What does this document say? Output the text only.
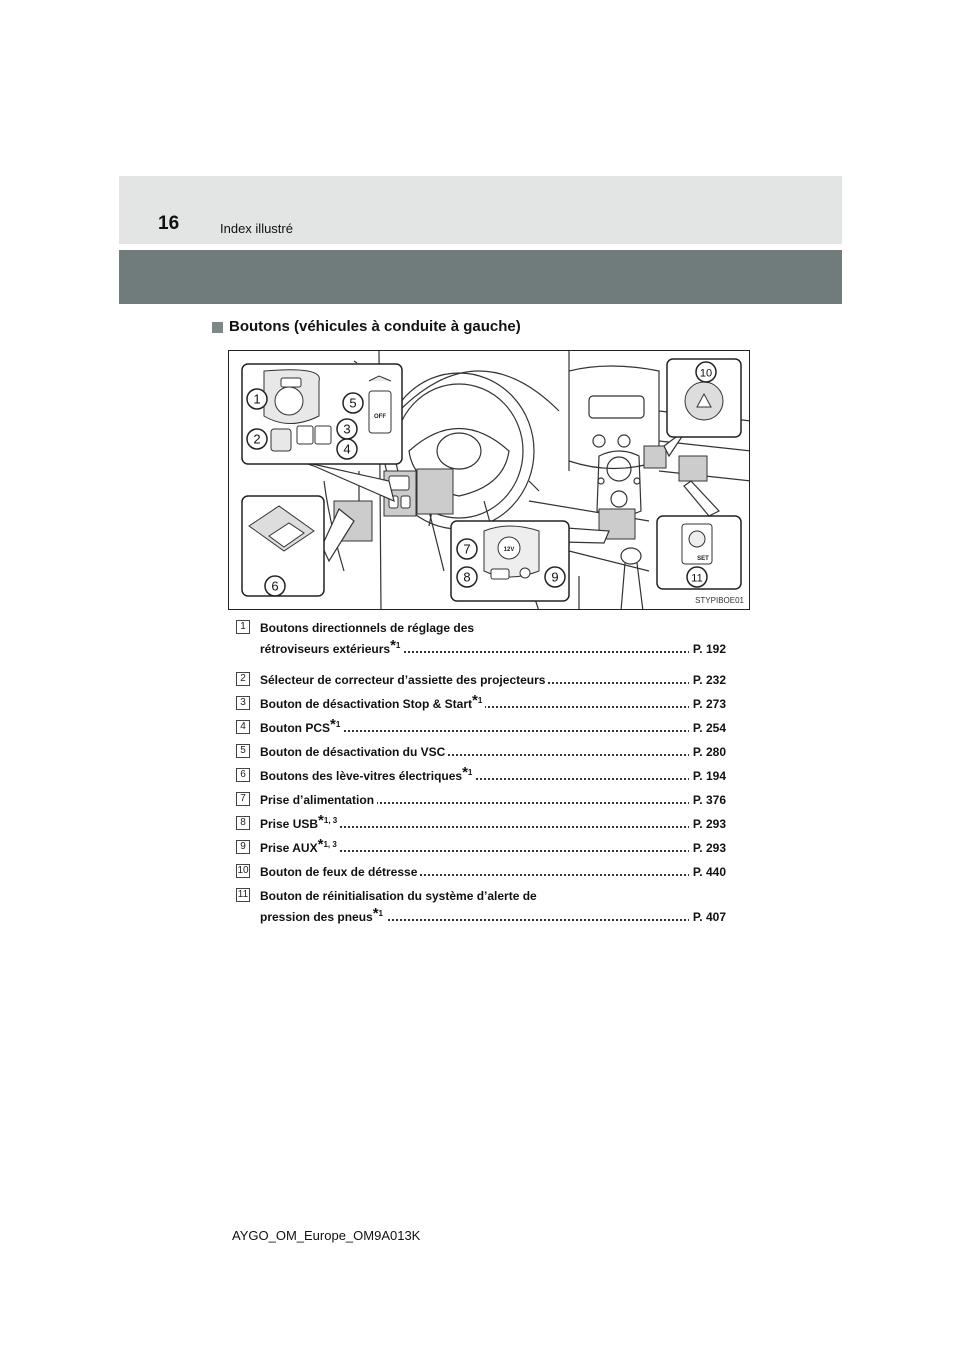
16	Index illustré
Boutons (véhicules à conduite à gauche)
OFF
12V
SET
1
2
3
4
5
6
7
8	9
10
11
STYPIBOE01
1	Boutons directionnels de réglage des
rétroviseurs extérieurs$^{*1}$	P. 192
2	Sélecteur de correcteur d’assiette des projecteurs	P. 232
3	Bouton de désactivation Stop & Start$^{*1}$	P. 273
4	Bouton PCS$^{*1}$	P. 254
5	Bouton de désactivation du VSC	P. 280
6	Boutons des lève-vitres électriques$^{*1}$	P. 194
7	Prise d’alimentation	P. 376
8	Prise USB$^{*1, 3}$	P. 293
9	Prise AUX$^{*1, 3}$	P. 293
10 Bouton de feux de détresse	P. 440
11 Bouton de réinitialisation du système d’alerte de
pression des pneus$^{*1}$	P. 407
AYGO_OM_Europe_OM9A013K
